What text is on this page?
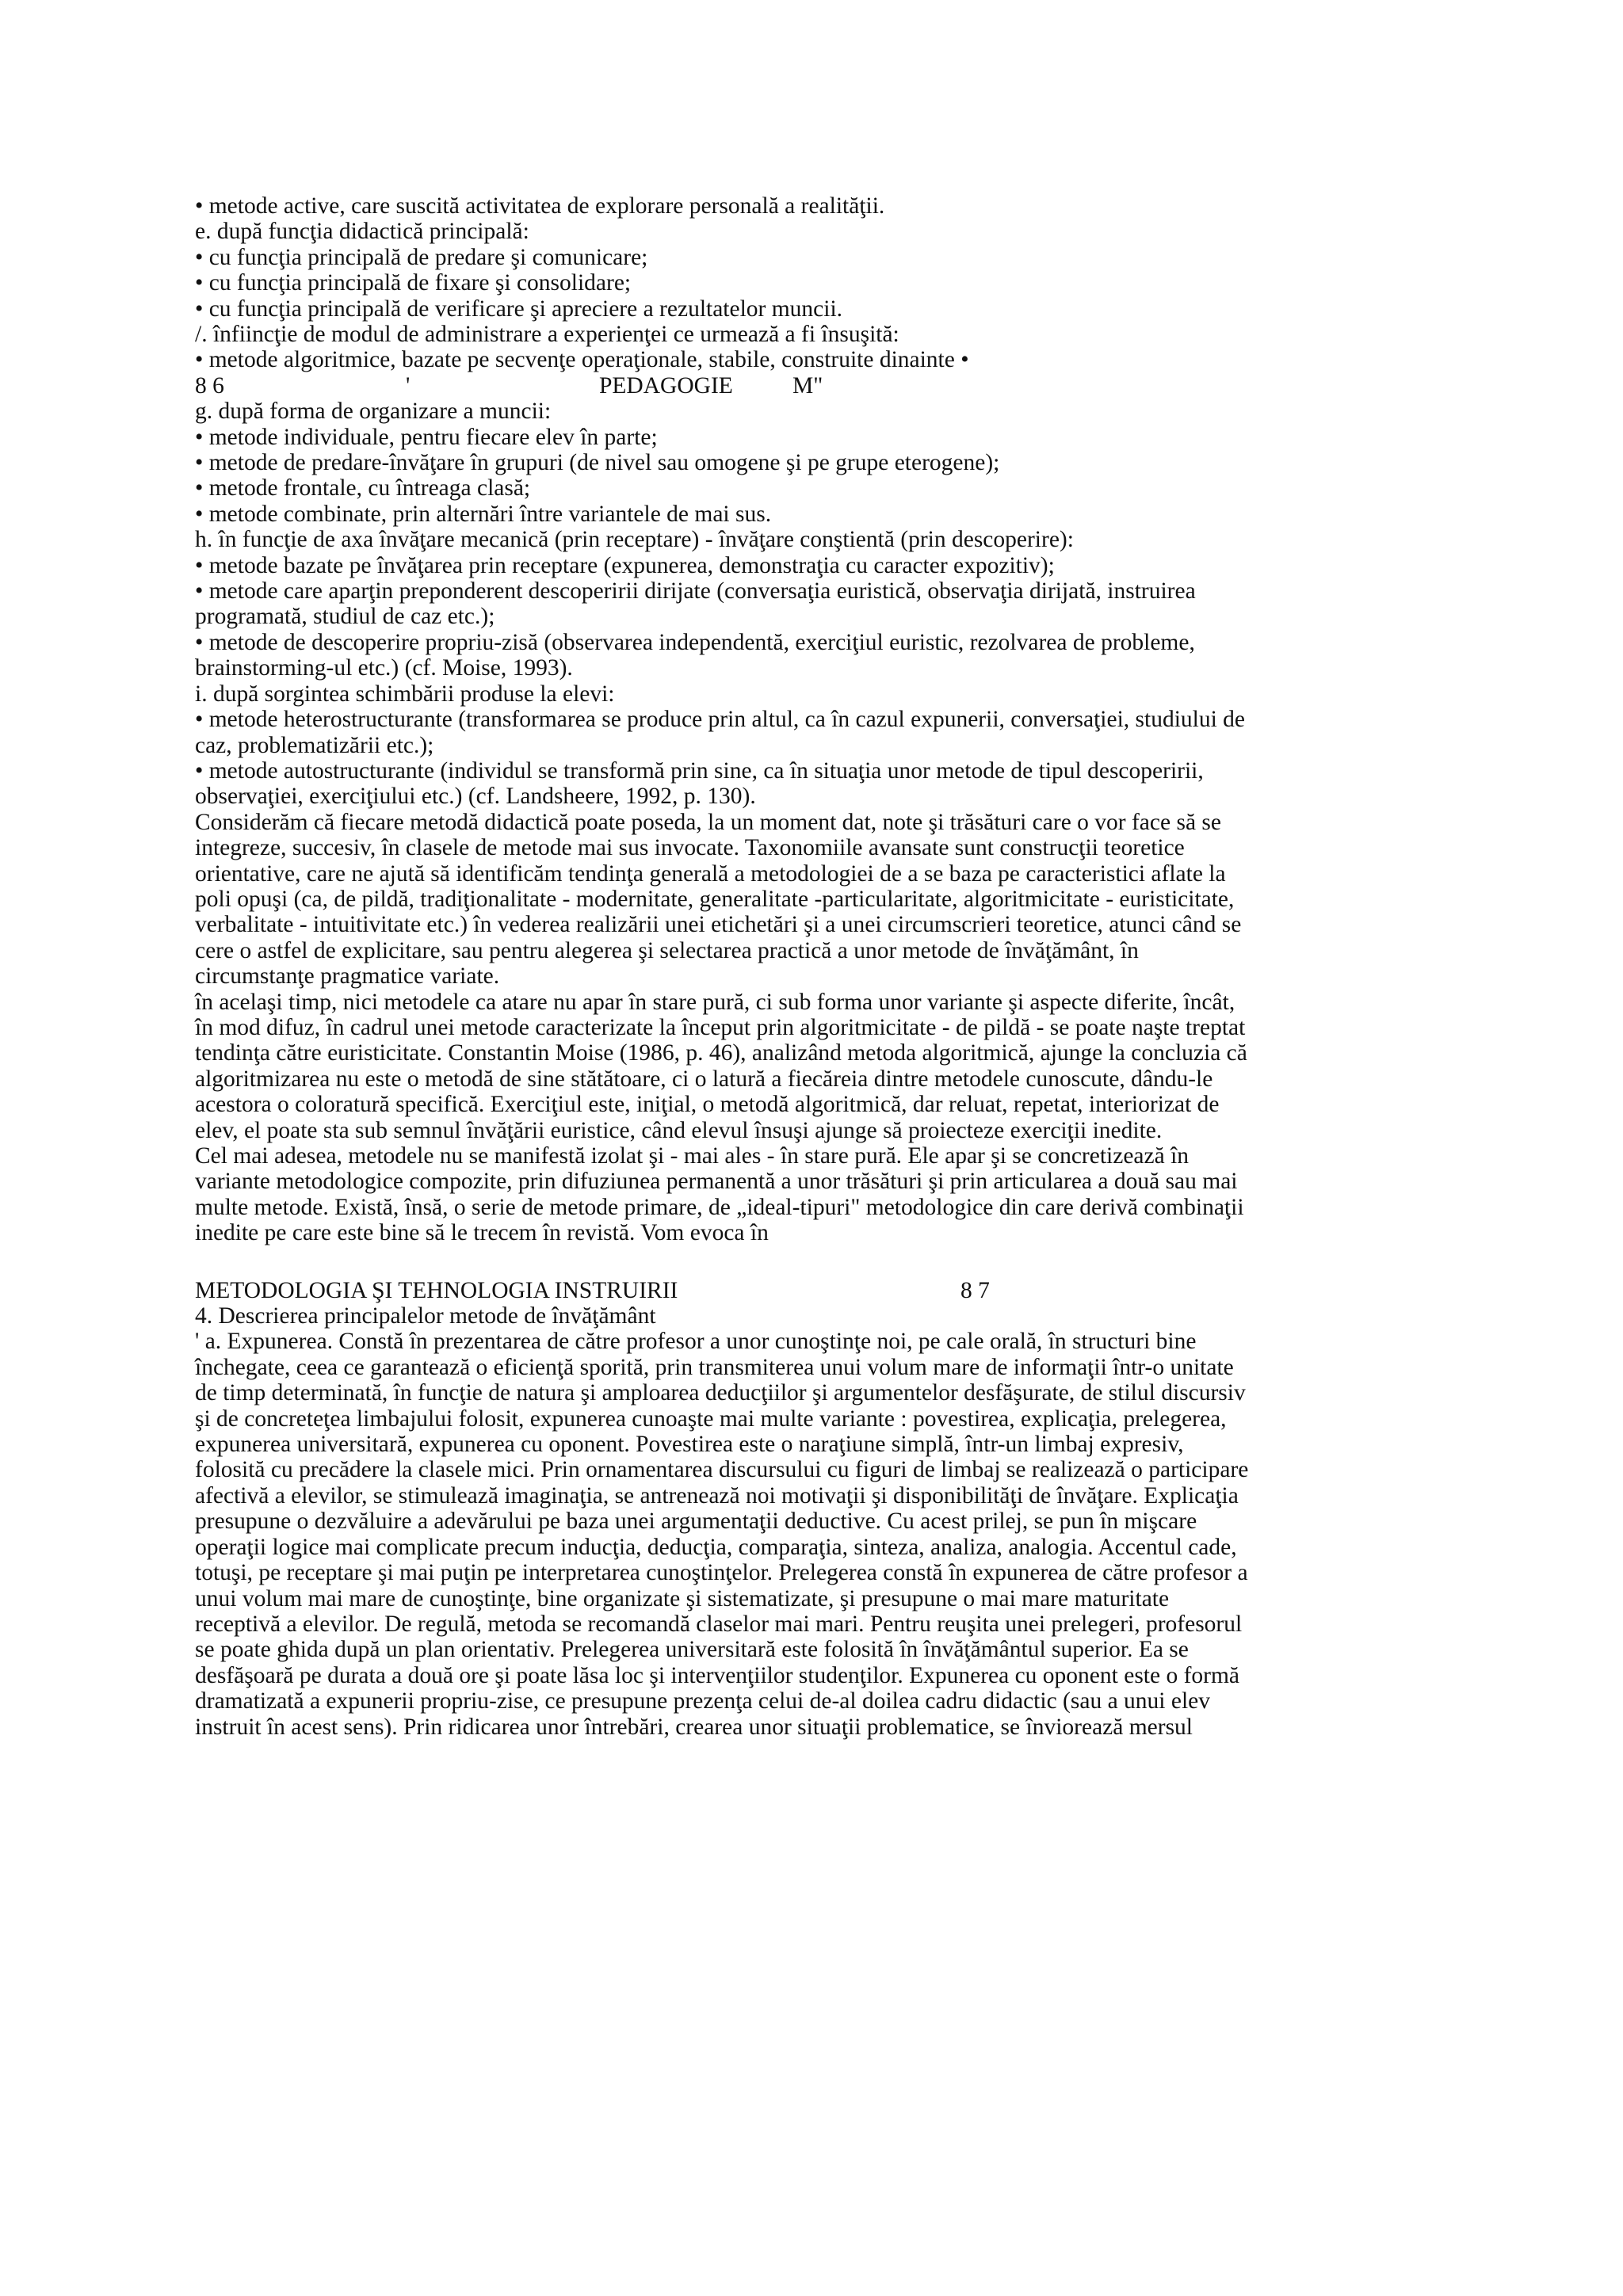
• metode active, care suscită activitatea de explorare personală a realităţii.
e. după funcţia didactică principală:
• cu funcţia principală de predare şi comunicare;
• cu funcţia principală de fixare şi consolidare;
• cu funcţia principală de verificare şi apreciere a rezultatelor muncii.
/. înfiincţie de modul de administrare a experienţei ce urmează a fi însuşită:
• metode algoritmice, bazate pe secvenţe operaţionale, stabile, construite dinainte •
8 6	'	PEDAGOGIE	M"
g. după forma de organizare a muncii:
• metode individuale, pentru fiecare elev în parte;
• metode de predare-învăţare în grupuri (de nivel sau omogene şi pe grupe eterogene);
• metode frontale, cu întreaga clasă;
• metode combinate, prin alternări între variantele de mai sus.
h. în funcţie de axa învăţare mecanică (prin receptare) - învăţare conştientă (prin descoperire):
• metode bazate pe învăţarea prin receptare (expunerea, demonstraţia cu caracter expozitiv);
• metode care aparţin preponderent descoperirii dirijate (conversaţia euristică, observaţia dirijată, instruirea
programată, studiul de caz etc.);
• metode de descoperire propriu-zisă (observarea independentă, exerciţiul euristic, rezolvarea de probleme,
brainstorming-ul etc.) (cf. Moise, 1993).
i. după sorgintea schimbării produse la elevi:
• metode heterostructurante (transformarea se produce prin altul, ca în cazul expunerii, conversaţiei, studiului de
caz, problematizării etc.);
• metode autostructurante (individul se transformă prin sine, ca în situaţia unor metode de tipul descoperirii,
observaţiei, exerciţiului etc.) (cf. Landsheere, 1992, p. 130).
Considerăm că fiecare metodă didactică poate poseda, la un moment dat, note şi trăsături care o vor face să se
integreze, succesiv, în clasele de metode mai sus invocate. Taxonomiile avansate sunt construcţii teoretice
orientative, care ne ajută să identificăm tendinţa generală a metodologiei de a se baza pe caracteristici aflate la
poli opuşi (ca, de pildă, tradiţionalitate - modernitate, generalitate -particularitate, algoritmicitate - euristicitate,
verbalitate - intuitivitate etc.) în vederea realizării unei etichetări şi a unei circumscrieri teoretice, atunci când se
cere o astfel de explicitare, sau pentru alegerea şi selectarea practică a unor metode de învăţământ, în
circumstanţe pragmatice variate.
în acelaşi timp, nici metodele ca atare nu apar în stare pură, ci sub forma unor variante şi aspecte diferite, încât,
în mod difuz, în cadrul unei metode caracterizate la început prin algoritmicitate - de pildă - se poate naşte treptat
tendinţa către euristicitate. Constantin Moise (1986, p. 46), analizând metoda algoritmică, ajunge la concluzia că
algoritmizarea nu este o metodă de sine stătătoare, ci o latură a fiecăreia dintre metodele cunoscute, dându-le
acestora o coloratură specifică. Exerciţiul este, iniţial, o metodă algoritmică, dar reluat, repetat, interiorizat de
elev, el poate sta sub semnul învăţării euristice, când elevul însuşi ajunge să proiecteze exerciţii inedite.
Cel mai adesea, metodele nu se manifestă izolat şi - mai ales - în stare pură. Ele apar şi se concretizează în
variante metodologice compozite, prin difuziunea permanentă a unor trăsături şi prin articularea a două sau mai
multe metode. Există, însă, o serie de metode primare, de „ideal-tipuri" metodologice din care derivă combinaţii
inedite pe care este bine să le trecem în revistă. Vom evoca în
METODOLOGIA ŞI TEHNOLOGIA INSTRUIRII	8 7
4. Descrierea principalelor metode de învăţământ
' a. Expunerea. Constă în prezentarea de către profesor a unor cunoştinţe noi, pe cale orală, în structuri bine
închegate, ceea ce garantează o eficienţă sporită, prin transmiterea unui volum mare de informaţii într-o unitate
de timp determinată, în funcţie de natura şi amploarea deducţiilor şi argumentelor desfăşurate, de stilul discursiv
şi de concreteţea limbajului folosit, expunerea cunoaşte mai multe variante : povestirea, explicaţia, prelegerea,
expunerea universitară, expunerea cu oponent. Povestirea este o naraţiune simplă, într-un limbaj expresiv,
folosită cu precădere la clasele mici. Prin ornamentarea discursului cu figuri de limbaj se realizează o participare
afectivă a elevilor, se stimulează imaginaţia, se antrenează noi motivaţii şi disponibilităţi de învăţare. Explicaţia
presupune o dezvăluire a adevărului pe baza unei argumentaţii deductive. Cu acest prilej, se pun în mişcare
operaţii logice mai complicate precum inducţia, deducţia, comparaţia, sinteza, analiza, analogia. Accentul cade,
totuşi, pe receptare şi mai puţin pe interpretarea cunoştinţelor. Prelegerea constă în expunerea de către profesor a
unui volum mai mare de cunoştinţe, bine organizate şi sistematizate, şi presupune o mai mare maturitate
receptivă a elevilor. De regulă, metoda se recomandă claselor mai mari. Pentru reuşita unei prelegeri, profesorul
se poate ghida după un plan orientativ. Prelegerea universitară este folosită în învăţământul superior. Ea se
desfăşoară pe durata a două ore şi poate lăsa loc şi intervenţiilor studenţilor. Expunerea cu oponent este o formă
dramatizată a expunerii propriu-zise, ce presupune prezenţa celui de-al doilea cadru didactic (sau a unui elev
instruit în acest sens). Prin ridicarea unor întrebări, crearea unor situaţii problematice, se înviorează mersul
